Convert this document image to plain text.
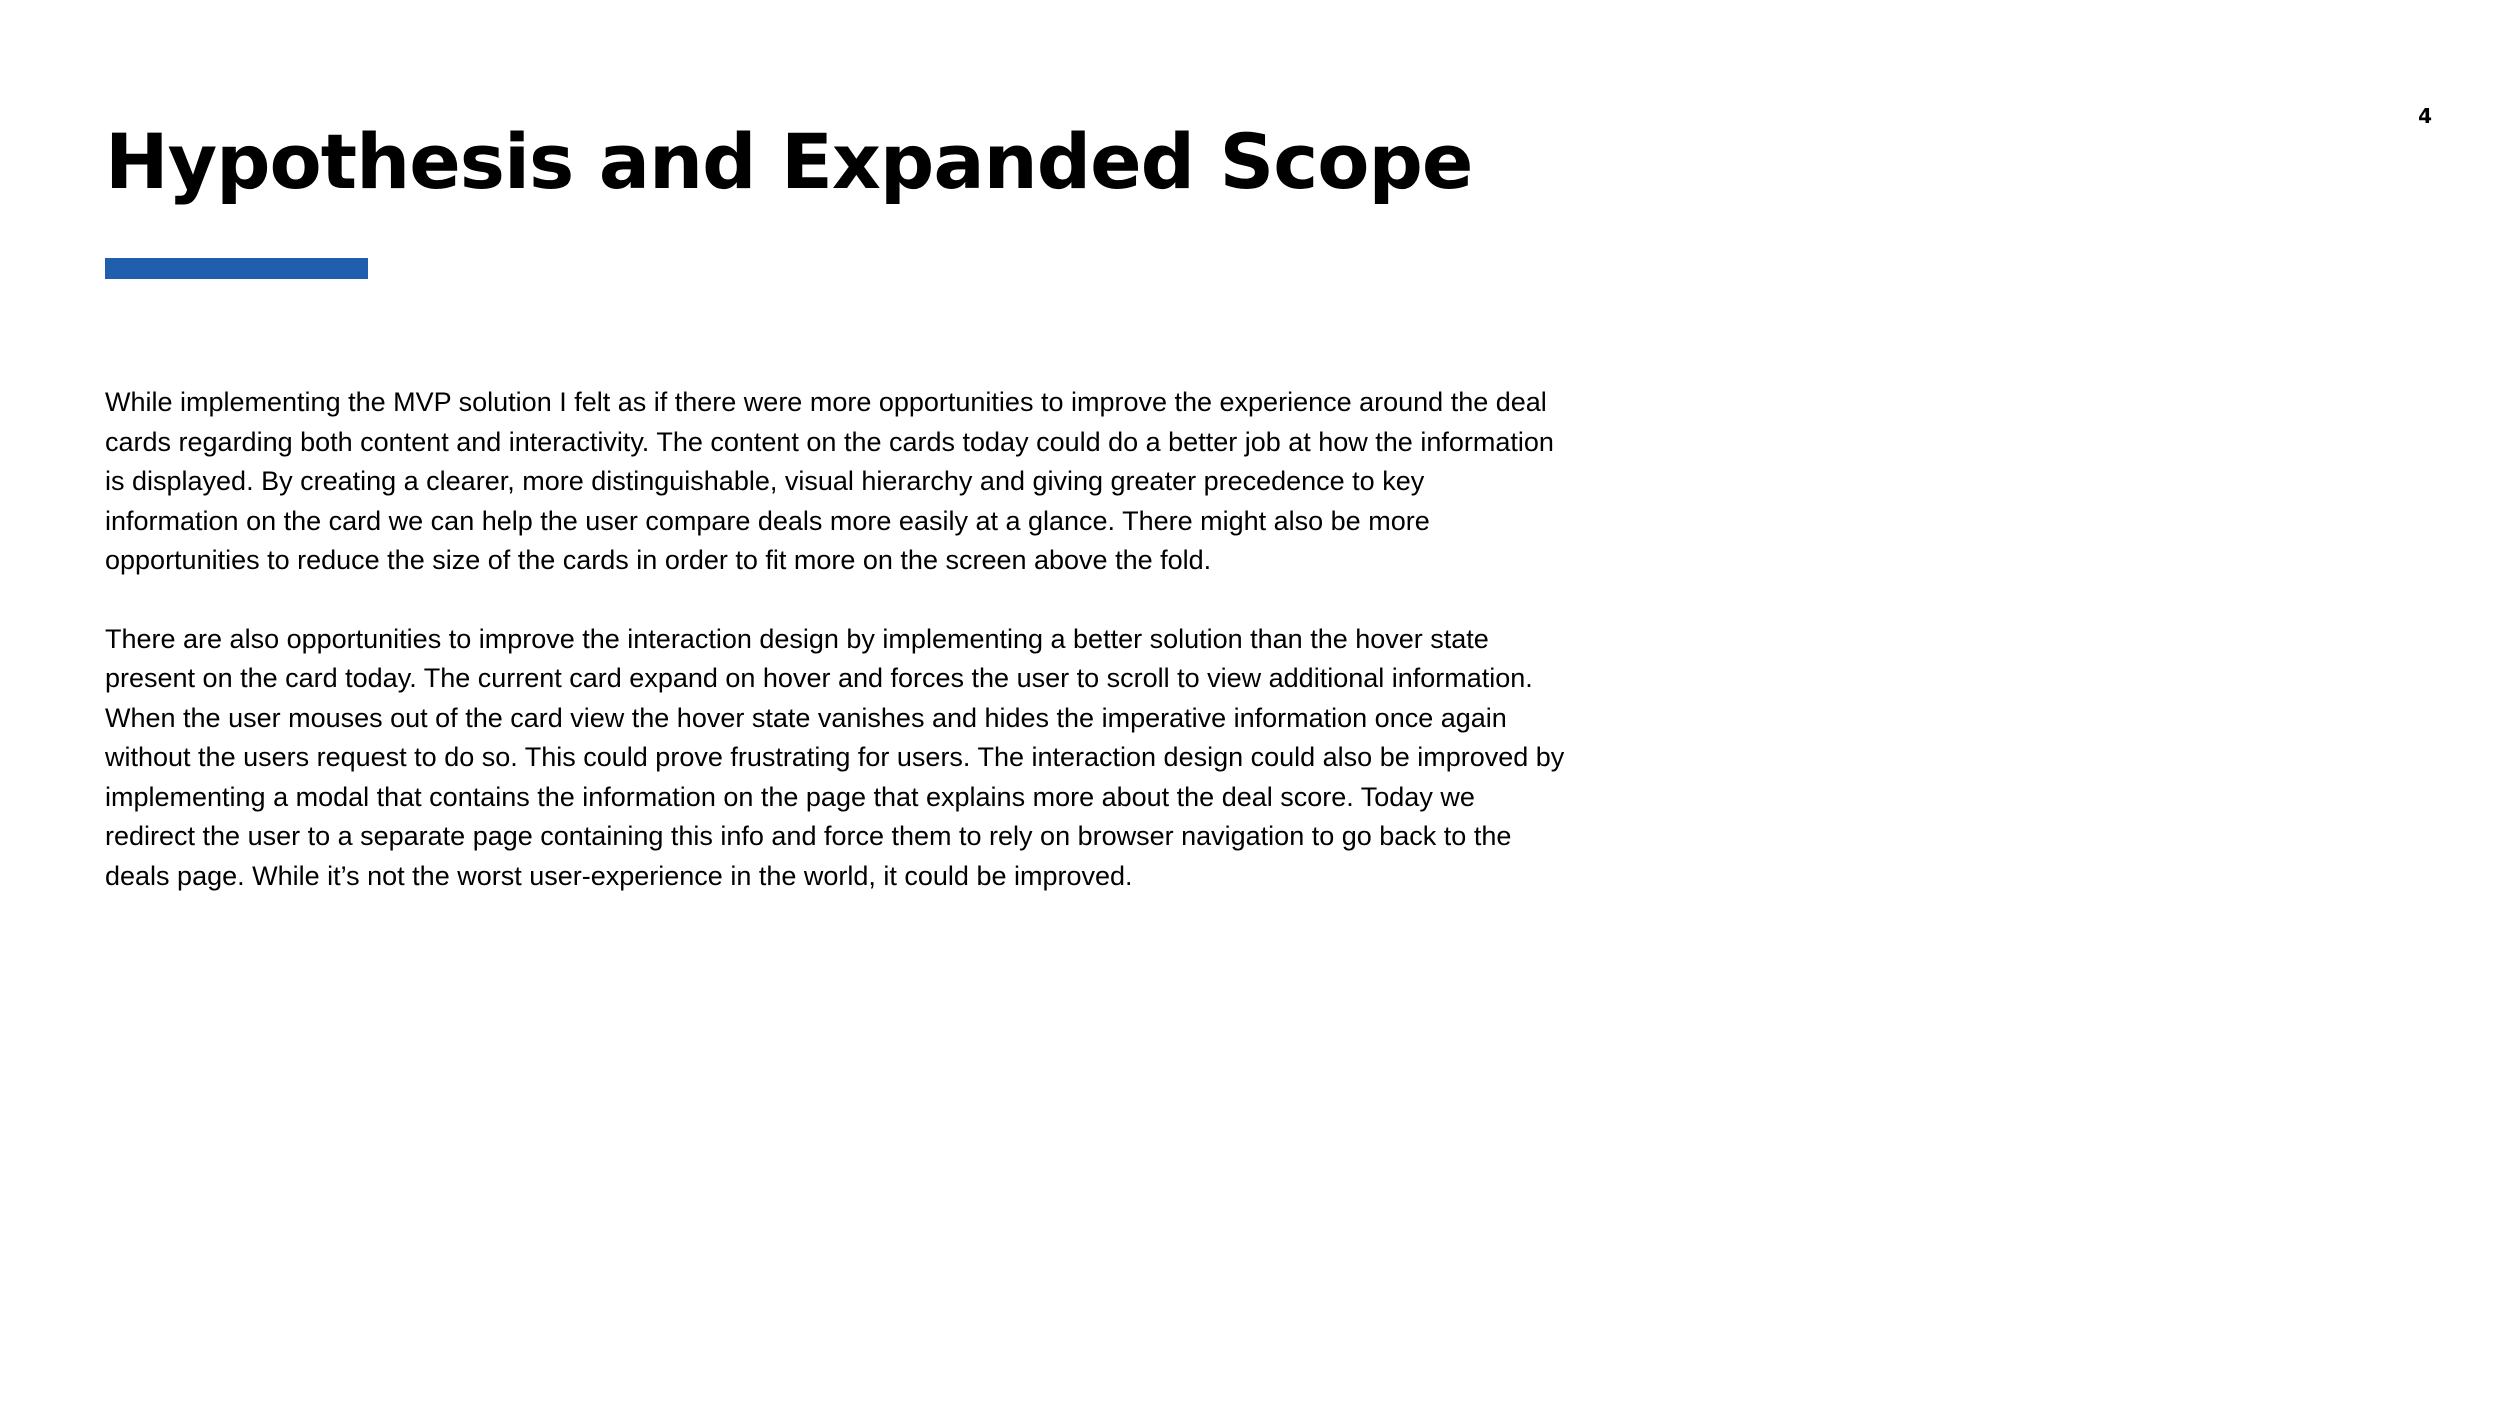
4
Hypothesis and Expanded Scope

While implementing the MVP solution I felt as if there were more opportunities to improve the experience around the deal cards regarding both content and interactivity. The content on the cards today could do a better job at how the information is displayed. By creating a clearer, more distinguishable, visual hierarchy and giving greater precedence to key information on the card we can help the user compare deals more easily at a glance. There might also be more opportunities to reduce the size of the cards in order to fit more on the screen above the fold.

There are also opportunities to improve the interaction design by implementing a better solution than the hover state present on the card today. The current card expand on hover and forces the user to scroll to view additional information. When the user mouses out of the card view the hover state vanishes and hides the imperative information once again without the users request to do so. This could prove frustrating for users. The interaction design could also be improved by implementing a modal that contains the information on the page that explains more about the deal score. Today we redirect the user to a separate page containing this info and force them to rely on browser navigation to go back to the deals page. While it’s not the worst user-experience in the world, it could be improved.
